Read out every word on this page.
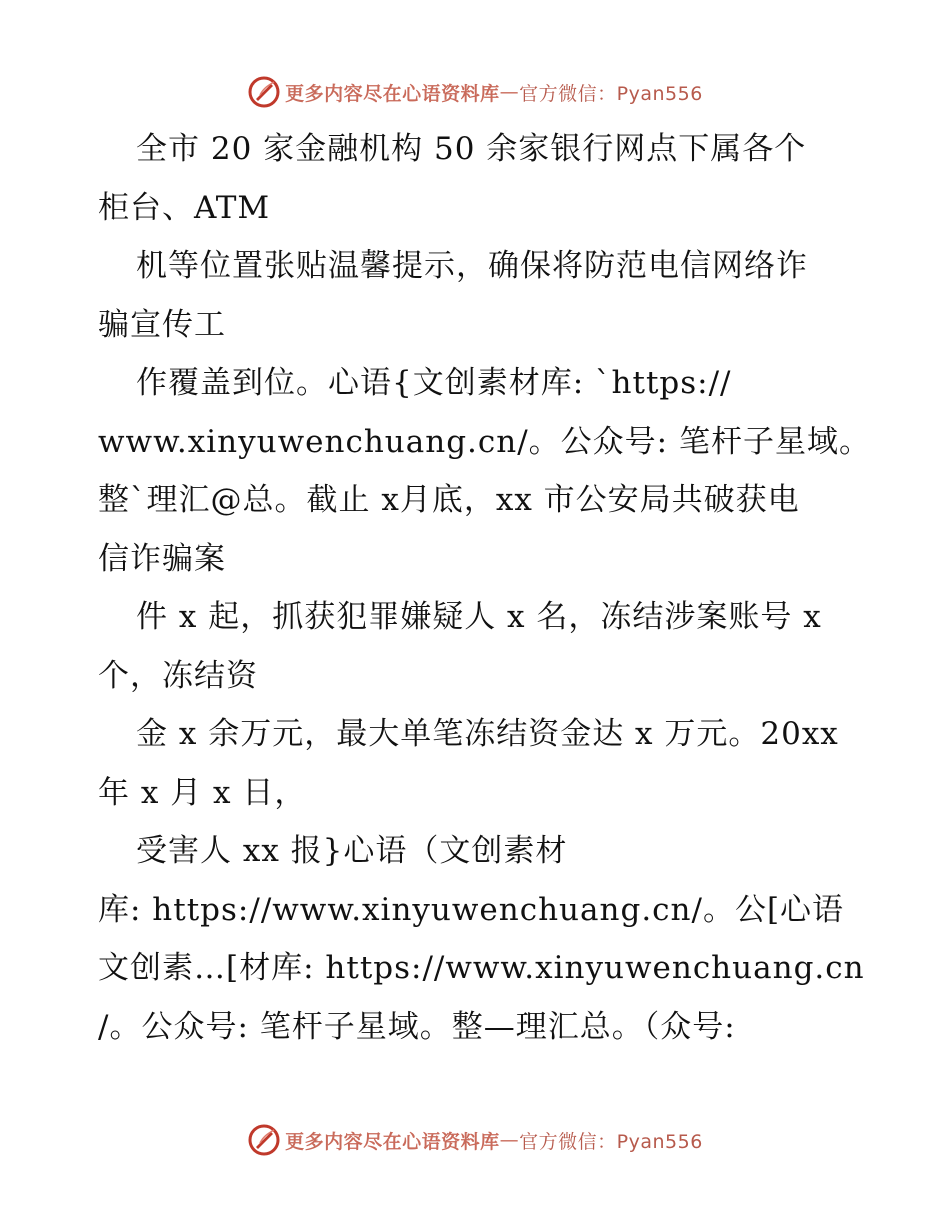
更多内容尽在心语资料库 — 官方微信：Pyan556
全市 20 家金融机构 50 余家银行网点下属各个
柜台、ATM
机等位置张贴温馨提示，确保将防范电信网络诈
骗宣传工
作覆盖到位。心语{文创素材库: `https://
www.xinyuwenchuang.cn/。公众号: 笔杆子星域。
整`理汇@总。截止 x月底，xx 市公安局共破获电
信诈骗案
件 x 起，抓获犯罪嫌疑人 x 名，冻结涉案账号 x
个，冻结资
金 x 余万元，最大单笔冻结资金达 x 万元。20xx
年 x 月 x 日，
受害人 xx 报}心语（文创素材
库: https://www.xinyuwenchuang.cn/。公[心语
文创素…[材库: https://www.xinyuwenchuang.cn
/。公众号: 笔杆子星域。整—理汇总。（众号:
更多内容尽在心语资料库 — 官方微信：Pyan556
